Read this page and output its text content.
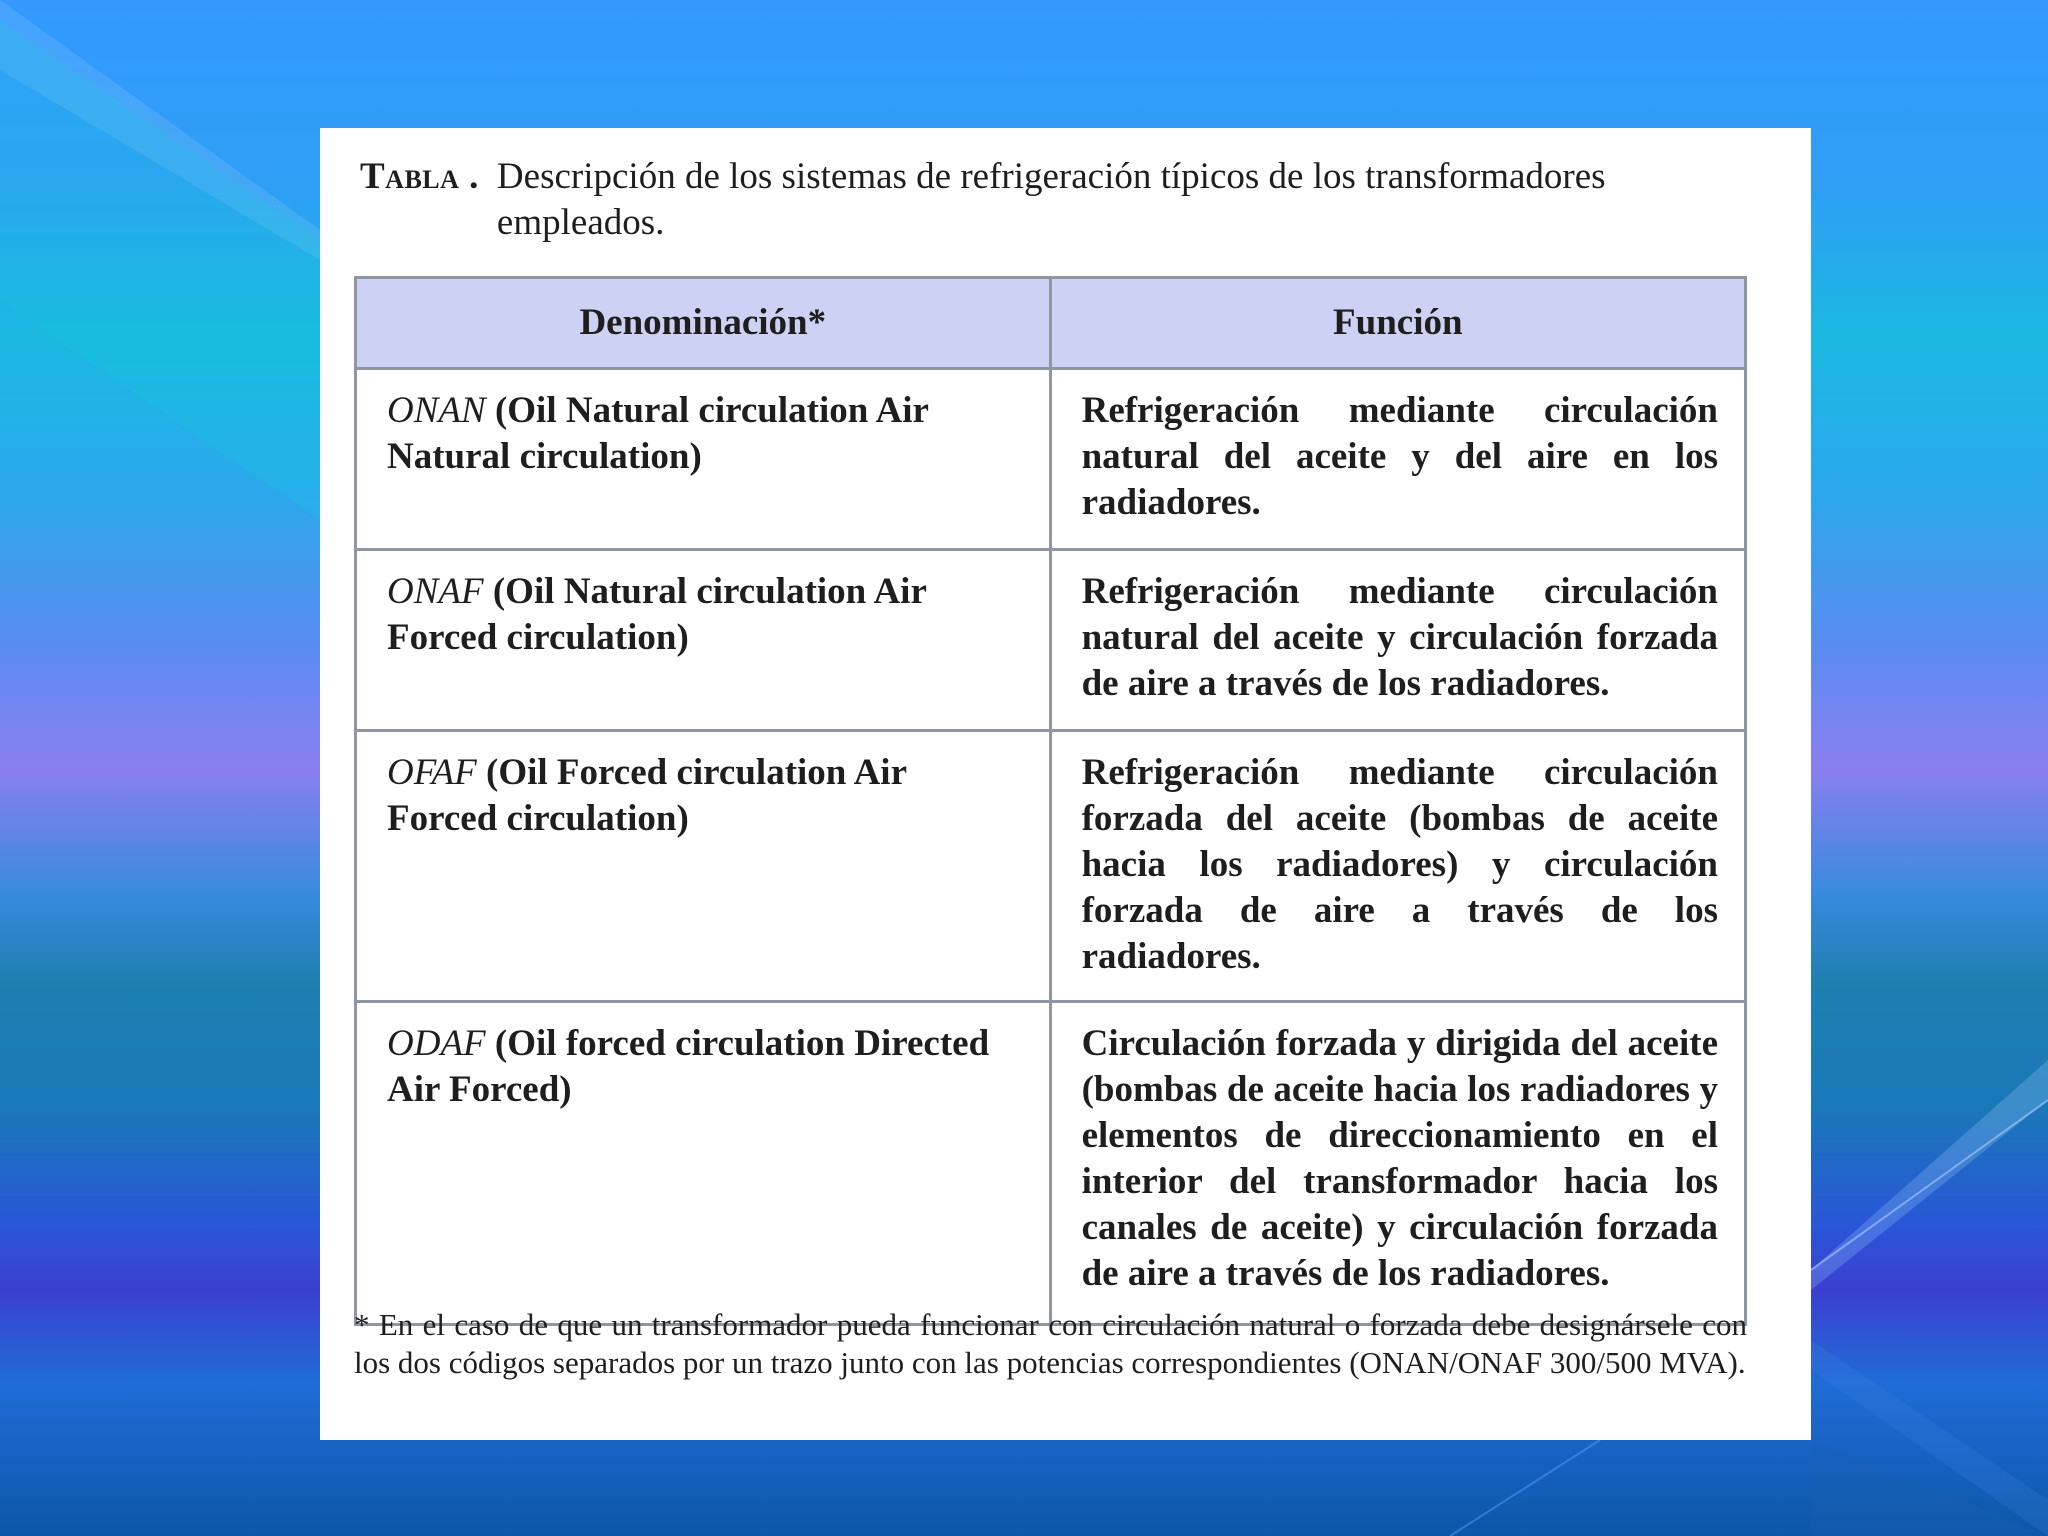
Tabla . Descripción de los sistemas de refrigeración típicos de los transformadores empleados.
Denominación*	Función
ONAN (Oil Natural circulation Air Natural circulation)	Refrigeración mediante circulación natural del aceite y del aire en los radiadores.

ONAF (Oil Natural circulation Air Forced circulation)	Refrigeración mediante circulación natural del aceite y circulación forzada de aire a través de los radiadores.

OFAF (Oil Forced circulation Air Forced circulation)	Refrigeración mediante circulación forzada del aceite (bombas de aceite hacia los radiadores) y circulación forzada de aire a través de los radiadores.

ODAF (Oil forced circulation Directed Air Forced)	Circulación forzada y dirigida del aceite (bombas de aceite hacia los radiadores y elementos de direccionamiento en el interior del transformador hacia los canales de aceite) y circulación forzada de aire a través de los radiadores.
* En el caso de que un transformador pueda funcionar con circulación natural o forzada debe designársele con los dos códigos separados por un trazo junto con las potencias correspondientes (ONAN/ONAF 300/500 MVA).
